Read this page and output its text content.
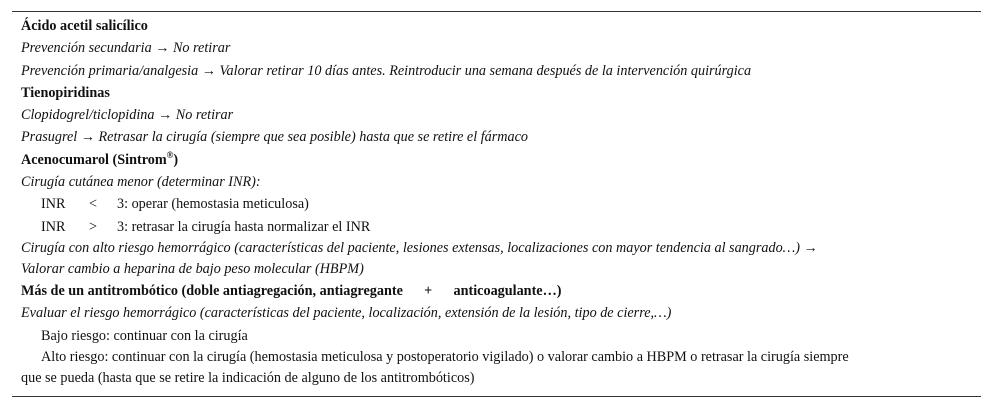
Ácido acetil salicílico
Prevención secundaria → No retirar
Prevención primaria/analgesia → Valorar retirar 10 días antes. Reintroducir una semana después de la intervención quirúrgica
Tienopiridinas
Clopidogrel/ticlopidina → No retirar
Prasugrel → Retrasar la cirugía (siempre que sea posible) hasta que se retire el fármaco
Acenocumarol (Sintrom®)
Cirugía cutánea menor (determinar INR):
INR < 3: operar (hemostasia meticulosa)
INR > 3: retrasar la cirugía hasta normalizar el INR
Cirugía con alto riesgo hemorrágico (características del paciente, lesiones extensas, localizaciones con mayor tendencia al sangrado…) →
Valorar cambio a heparina de bajo peso molecular (HBPM)
Más de un antitrombótico (doble antiagregación, antiagregante + anticoagulante…)
Evaluar el riesgo hemorrágico (características del paciente, localización, extensión de la lesión, tipo de cierre,…)
Bajo riesgo: continuar con la cirugía
Alto riesgo: continuar con la cirugía (hemostasia meticulosa y postoperatorio vigilado) o valorar cambio a HBPM o retrasar la cirugía siempre
que se pueda (hasta que se retire la indicación de alguno de los antitrombóticos)
